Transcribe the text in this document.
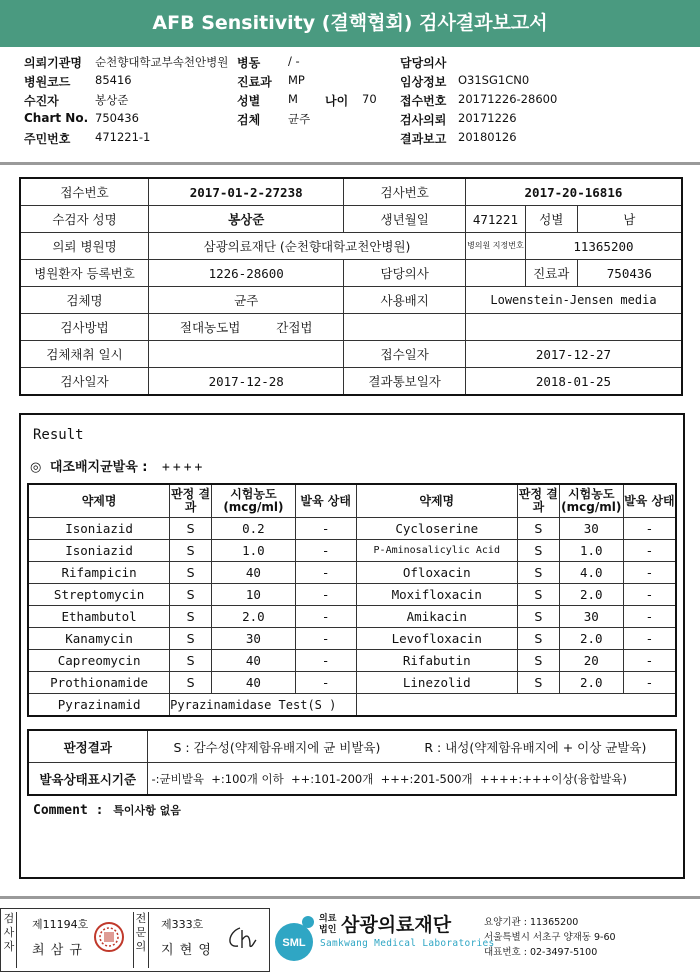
AFB Sensitivity (결핵협회) 검사결과보고서
의뢰기관명 순천향대학교부속천안병원 병동 / -	담당의사
병원코드 85416	진료과 MP	임상정보 O31SG1CN0
수진자	봉상준	성별 M 나이 70 접수번호 20171226-28600
Chart No. 750436	검체 균주	검사의뢰 20171226
주민번호 471221-1	결과보고 20180126
접수번호	2017-01-2-27238	검사번호	2017-20-16816		
수검자 성명	봉상준	생년월일	471221	성별	남
의뢰 병원명	삼광의료재단 (순천향대학교천안병원)		병의원 지정번호	11365200	
병원환자 등록번호	1226-28600	담당의사		진료과	750436
검체명	균주	사용배지	Lowenstein-Jensen media		
검사방법	절대농도법 간접법				
검체채취 일시		접수일자	2017-12-27		
검사일자	2017-12-28	결과통보일자	2018-01-25		
Result
◎ 대조배지균발육 : ++++
약제명	판정 결과	시험농도 (mcg/ml)	발육 상태	약제명	판정 결과	시험농도 (mcg/ml)	발육 상태
Isoniazid	S	0.2	-	Cycloserine	S	30	-
Isoniazid	S	1.0	-	P-Aminosalicylic Acid	S	1.0	-
Rifampicin	S	40	-	Ofloxacin	S	4.0	-
Streptomycin	S	10	-	Moxifloxacin	S	2.0	-
Ethambutol	S	2.0	-	Amikacin	S	30	-
Kanamycin	S	30	-	Levofloxacin	S	2.0	-
Capreomycin	S	40	-	Rifabutin	S	20	-
Prothionamide	S	40	-	Linezolid	S	2.0	-
Pyrazinamid	Pyrazinamidase Test(S )						
판정결과	S : 감수성(약제함유배지에 균 비발육) R : 내성(약제함유배지에 + 이상 균발육)
발육상태표시기준	-:균비발육  +:100개 이하  ++:101-200개  +++:201-500개  ++++:+++이상(융합발육)
Comment : 특이사항 없음
검사자
제11194호
최 삼 규
전문의
제333호
지 현 영	SML
의료 법인 삼광의료재단
Samkwang Medical Laboratories
요양기관 : 11365200
서울특별시 서초구 양재동 9-60
대표번호 : 02-3497-5100
